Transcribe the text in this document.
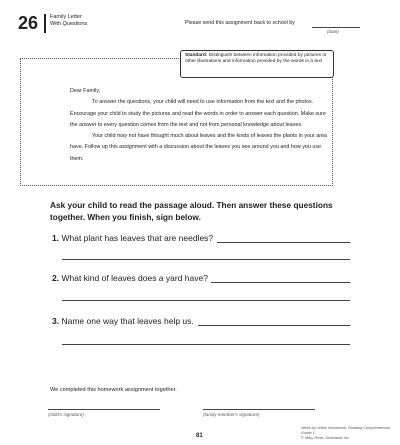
26 Family Letter
With Questions	Please send this assignment back to school by
(date)
Standard: Distinguish between information provided by pictures or other illustrations and information provided by the words in a text

Dear Family,

To answer the questions, your child will need to use information from the text and the photos. Encourage your child to study the pictures and read the words in order to answer each question. Make sure the answer to every question comes from the text and not from personal knowledge about leaves.

Your child may not have thought much about leaves and the kinds of leaves the plants in your area have. Follow up this assignment with a discussion about the leaves you see around you and how you use them.

Ask your child to read the passage aloud. Then answer these questions together. When you finish, sign below.
1. What plant has leaves that are needles?
2. What kind of leaves does a yard have?
3. Name one way that leaves help us.
We completed this homework assignment together.
(child's signature)	(family member's signature)
81
Week-by-Week Homework: Reading Comprehension Grade 1
© Mary Rose, Scholastic Inc.
